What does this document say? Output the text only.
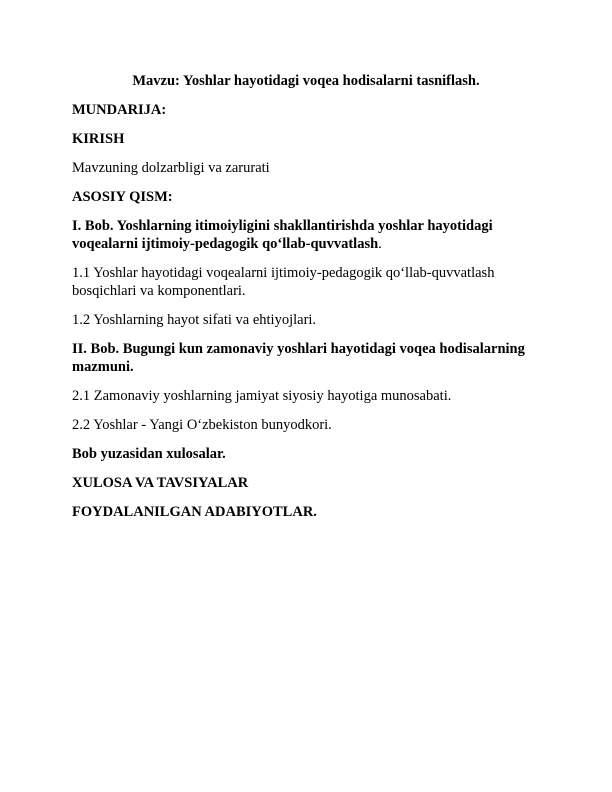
Mavzu: Yoshlar hayotidagi voqea hodisalarni tasniflash.
MUNDARIJA:
KIRISH
Mavzuning dolzarbligi va zarurati
ASOSIY QISM:
I. Bob. Yoshlarning itimoiyligini shakllantirishda yoshlar hayotidagi voqealarni ijtimoiy-pedagogik qo‘llab-quvvatlash.
1.1 Yoshlar hayotidagi voqealarni ijtimoiy-pedagogik qo‘llab-quvvatlash bosqichlari va komponentlari.
1.2 Yoshlarning hayot sifati va ehtiyojlari.
II. Bob. Bugungi kun zamonaviy yoshlari hayotidagi voqea hodisalarning mazmuni.
2.1 Zamonaviy yoshlarning jamiyat siyosiy hayotiga munosabati.
2.2 Yoshlar - Yangi O‘zbekiston bunyodkori.
Bob yuzasidan xulosalar.
XULOSA VA TAVSIYALAR
FOYDALANILGAN ADABIYOTLAR.
